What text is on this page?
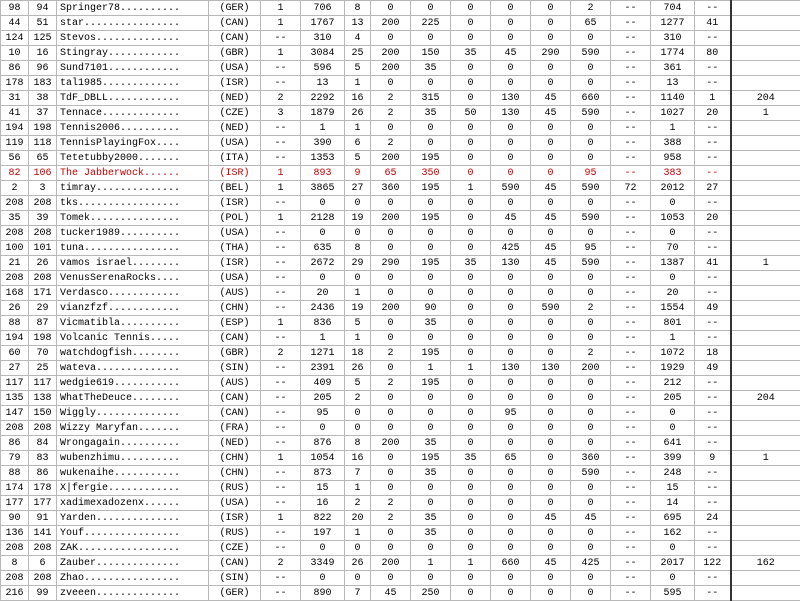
98	94	Springer78..........	(GER)	1	706	8	0	0	0	0	0	2	--	704	--	
44	51	star................	(CAN)	1	1767	13	200	225	0	0	0	65	--	1277	41	
124	125	Stevos..............	(CAN)	--	310	4	0	0	0	0	0	0	--	310	--	
10	16	Stingray............	(GBR)	1	3084	25	200	150	35	45	290	590	--	1774	80	
86	96	Sund7101............	(USA)	--	596	5	200	35	0	0	0	0	--	361	--	
178	183	tal1985.............	(ISR)	--	13	1	0	0	0	0	0	0	--	13	--	
31	38	TdF_DBLL............	(NED)	2	2292	16	2	315	0	130	45	660	--	1140	1	204
41	37	Tennace.............	(CZE)	3	1879	26	2	35	50	130	45	590	--	1027	20	1
194	198	Tennis2006..........	(NED)	--	1	1	0	0	0	0	0	0	--	1	--	
119	118	TennisPlayingFox....	(USA)	--	390	6	2	0	0	0	0	0	--	388	--	
56	65	Tetetubby2000.......	(ITA)	--	1353	5	200	195	0	0	0	0	--	958	--	
82	106	The Jabberwock......	(ISR)	1	893	9	65	350	0	0	0	95	--	383	--	
2	3	timray..............	(BEL)	1	3865	27	360	195	1	590	45	590	72	2012	27	
208	208	tks.................	(ISR)	--	0	0	0	0	0	0	0	0	--	0	--	
35	39	Tomek...............	(POL)	1	2128	19	200	195	0	45	45	590	--	1053	20	
208	208	tucker1989..........	(USA)	--	0	0	0	0	0	0	0	0	--	0	--	
100	101	tuna................	(THA)	--	635	8	0	0	0	425	45	95	--	70	--	
21	26	vamos israel........	(ISR)	--	2672	29	290	195	35	130	45	590	--	1387	41	1
208	208	VenusSerenaRocks....	(USA)	--	0	0	0	0	0	0	0	0	--	0	--	
168	171	Verdasco............	(AUS)	--	20	1	0	0	0	0	0	0	--	20	--	
26	29	vianzfzf............	(CHN)	--	2436	19	200	90	0	0	590	2	--	1554	49	
88	87	Vicmatibla..........	(ESP)	1	836	5	0	35	0	0	0	0	--	801	--	
194	198	Volcanic Tennis.....	(CAN)	--	1	1	0	0	0	0	0	0	--	1	--	
60	70	watchdogfish........	(GBR)	2	1271	18	2	195	0	0	0	2	--	1072	18	
27	25	wateva..............	(SIN)	--	2391	26	0	1	1	130	130	200	--	1929	49	
117	117	wedgie619...........	(AUS)	--	409	5	2	195	0	0	0	0	--	212	--	
135	138	WhatTheDeuce........	(CAN)	--	205	2	0	0	0	0	0	0	--	205	--	204
147	150	Wiggly..............	(CAN)	--	95	0	0	0	0	95	0	0	--	0	--	
208	208	Wizzy Maryfan.......	(FRA)	--	0	0	0	0	0	0	0	0	--	0	--	
86	84	Wrongagain..........	(NED)	--	876	8	200	35	0	0	0	0	--	641	--	
79	83	wubenzhimu..........	(CHN)	1	1054	16	0	195	35	65	0	360	--	399	9	1
88	86	wukenaihe...........	(CHN)	--	873	7	0	35	0	0	0	590	--	248	--	
174	178	X|fergie............	(RUS)	--	15	1	0	0	0	0	0	0	--	15	--	
177	177	xadimexadozenx......	(USA)	--	16	2	2	0	0	0	0	0	--	14	--	
90	91	Yarden..............	(ISR)	1	822	20	2	35	0	0	45	45	--	695	24	
136	141	Youf................	(RUS)	--	197	1	0	35	0	0	0	0	--	162	--	
208	208	ZAK.................	(CZE)	--	0	0	0	0	0	0	0	0	--	0	--	
8	6	Zauber..............	(CAN)	2	3349	26	200	1	1	660	45	425	--	2017	122	162
208	208	Zhao................	(SIN)	--	0	0	0	0	0	0	0	0	--	0	--	
216	99	zveeen..............	(GER)	--	890	7	45	250	0	0	0	0	--	595	--	
